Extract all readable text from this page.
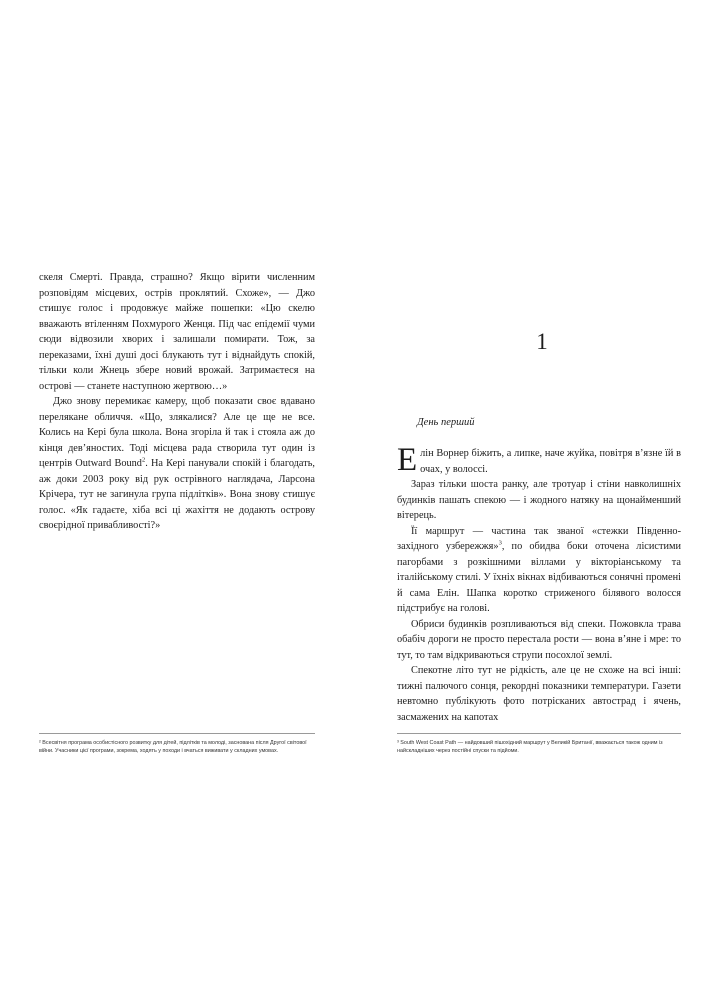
скеля Смерті. Правда, страшно? Якщо вірити численним розповідям місцевих, острів проклятий. Схоже», — Джо стишує голос і продовжує майже пошепки: «Цю скелю вважають втіленням Похмурого Женця. Під час епідемії чуми сюди відвозили хворих і залишали помирати. Тож, за переказами, їхні душі досі блукають тут і віднайдуть спокій, тільки коли Жнець збере новий врожай. Затримаєтеся на острові — станете наступною жертвою…»

Джо знову перемикає камеру, щоб показати своє вдавано перелякане обличчя. «Що, злякалися? Але це ще не все. Колись на Кері була школа. Вона згоріла й так і стояла аж до кінця дев’яностих. Тоді місцева рада створила тут один із центрів Outward Bound$^2$. На Кері панували спокій і благодать, аж доки 2003 року від рук острівного наглядача, Ларсона Крічера, тут не загинула група підлітків». Вона знову стишує голос. «Як гадаєте, хіба всі ці жахіття не додають острову своєрідної привабливості?»

² Всесвітня програма особистісного розвитку для дітей, підлітків та молоді, заснована після Другої світової війни. Учасники цієї програми, зокрема, ходять у походи і вчаться виживати у складних умовах.

1
День перший

Елін Ворнер біжить, а липке, наче жуйка, повітря в’язне їй в очах, у волоссі.

Зараз тільки шоста ранку, але тротуар і стіни навколишніх будинків пашать спекою — і жодного натяку на щонайменший вітерець.

Її маршрут — частина так званої «стежки Південно-західного узбережжя»$^3$, по обидва боки оточена лісистими пагорбами з розкішними віллами у вікторіанському та італійському стилі. У їхніх вікнах відбиваються сонячні промені й сама Елін. Шапка коротко стриженого білявого волосся підстрибує на голові.

Обриси будинків розпливаються від спеки. Пожовкла трава обабіч дороги не просто перестала рости — вона в’яне і мре: то тут, то там відкриваються струпи посохлої землі.

Спекотне літо тут не рідкість, але це не схоже на всі інші: тижні палючого сонця, рекордні показники температури. Газети невтомно публікують фото потрісканих автострад і ячень, засмажених на капотах

³ South West Coast Path — найдовший пішохідний маршрут у Великій Британії, вважається також одним із найскладніших через постійні спуски та підйоми.
